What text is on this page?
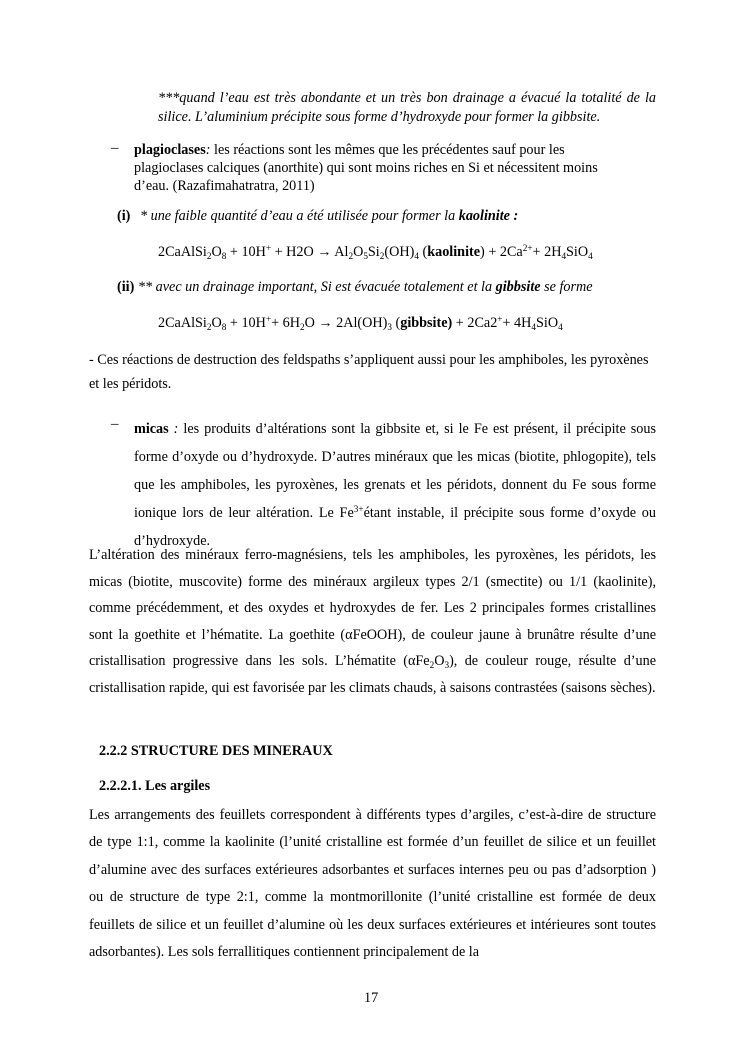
***quand l’eau est très abondante et un très bon drainage a évacué la totalité de la silice. L’aluminium précipite sous forme d’hydroxyde pour former la gibbsite.
– plagioclases: les réactions sont les mêmes que les précédentes sauf pour les plagioclases calciques (anorthite) qui sont moins riches en Si et nécessitent moins d’eau. (Razafimahatratra, 2011)
(i) * une faible quantité d’eau a été utilisée pour former la kaolinite :
$2CaAlSi_2O_8 + 10H^+ + H2O \to Al_2O_5Si_2(OH)_4$ (kaolinite) + $2Ca^{2+}+ 2H_4SiO_4$
(ii) ** avec un drainage important, Si est évacuée totalement et la gibbsite se forme
$2CaAlSi_2O_8 + 10H^++ 6H_2O \to 2Al(OH)_3$ (gibbsite) + $2Ca2^++ 4H_4SiO_4$
- Ces réactions de destruction des feldspaths s’appliquent aussi pour les amphiboles, les pyroxènes et les péridots.
– micas : les produits d’altérations sont la gibbsite et, si le Fe est présent, il précipite sous forme d’oxyde ou d’hydroxyde. D’autres minéraux que les micas (biotite, phlogopite), tels que les amphiboles, les pyroxènes, les grenats et les péridots, donnent du Fe sous forme ionique lors de leur altération. Le $Fe^{3+}é\tan t$ instable, il précipite sous forme d’oxyde ou d’hydroxyde.
L’altération des minéraux ferro-magnésiens, tels les amphiboles, les pyroxènes, les péridots, les micas (biotite, muscovite) forme des minéraux argileux types 2/1 (smectite) ou 1/1 (kaolinite), comme précédemment, et des oxydes et hydroxydes de fer. Les 2 principales formes cristallines sont la goethite et l’hématite. La goethite (αFeOOH), de couleur jaune à brunâtre résulte d’une cristallisation progressive dans les sols. L’hématite $(\alpha Fe_2O_3)$, de couleur rouge, résulte d’une cristallisation rapide, qui est favorisée par les climats chauds, à saisons contrastées (saisons sèches).
2.2.2 STRUCTURE DES MINERAUX
2.2.2.1. Les argiles
Les arrangements des feuillets correspondent à différents types d’argiles, c’est-à-dire de structure de type 1:1, comme la kaolinite (l’unité cristalline est formée d’un feuillet de silice et un feuillet d’alumine avec des surfaces extérieures adsorbantes et surfaces internes peu ou pas d’adsorption ) ou de structure de type 2:1, comme la montmorillonite (l’unité cristalline est formée de deux feuillets de silice et un feuillet d’alumine où les deux surfaces extérieures et intérieures sont toutes adsorbantes). Les sols ferrallitiques contiennent principalement de la
17
